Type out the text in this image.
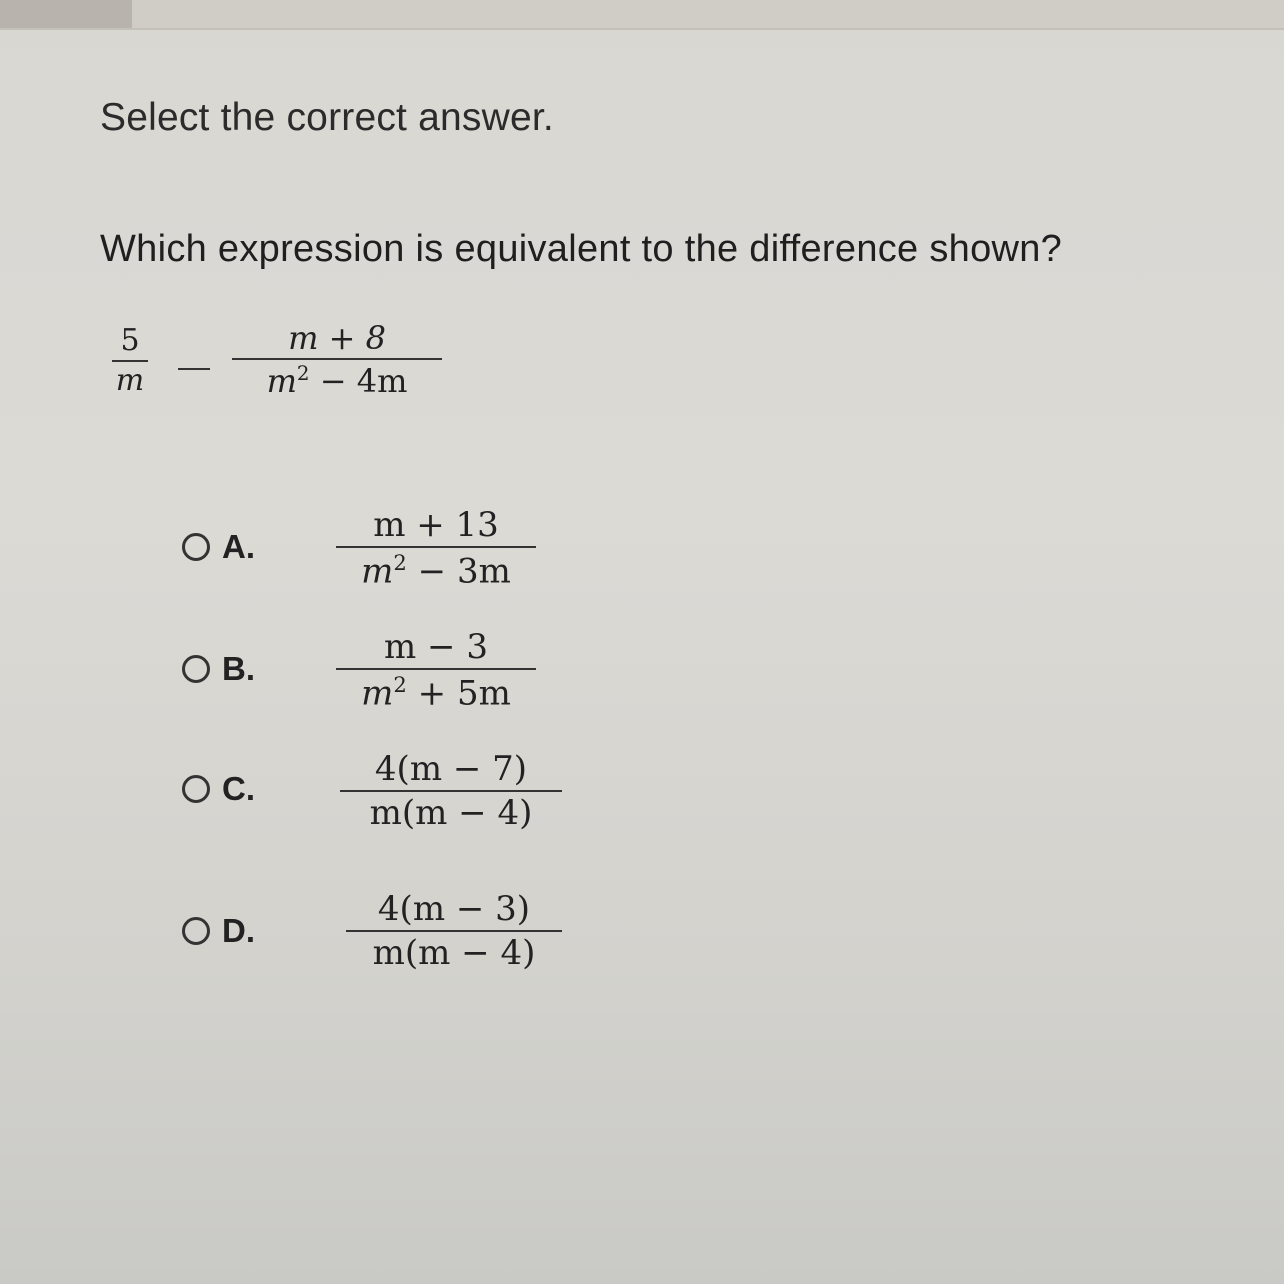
Select the correct answer.
Which expression is equivalent to the difference shown?
5
m
m + 8
$m^2 - 4m$
A.
m + 13
$m^2 - 3m$
B.
m − 3
$m^2 + 5m$
C.	4(m − 7)
m(m − 4)
D.
4(m − 3)
m(m − 4)
